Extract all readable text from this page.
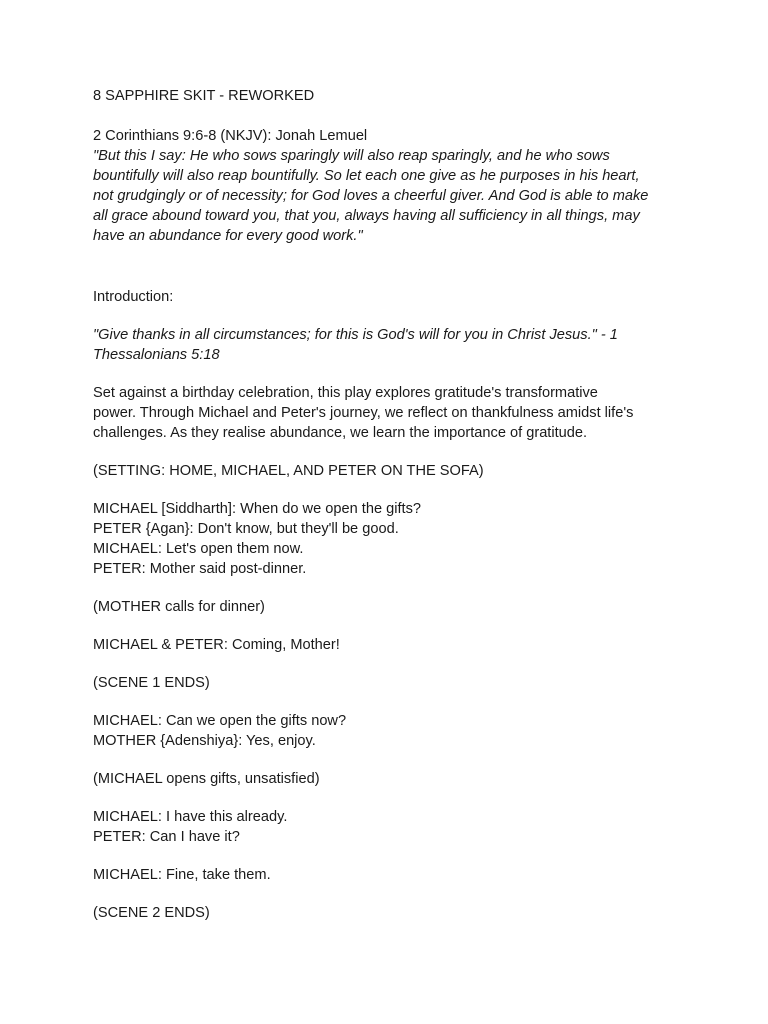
8 SAPPHIRE SKIT - REWORKED

2 Corinthians 9:6-8 (NKJV): Jonah Lemuel

"But this I say: He who sows sparingly will also reap sparingly, and he who sows

bountifully will also reap bountifully. So let each one give as he purposes in his heart,

not grudgingly or of necessity; for God loves a cheerful giver. And God is able to make

all grace abound toward you, that you, always having all sufficiency in all things, may

have an abundance for every good work."

Introduction:

"Give thanks in all circumstances; for this is God's will for you in Christ Jesus." - 1

Thessalonians 5:18

Set against a birthday celebration, this play explores gratitude's transformative

power. Through Michael and Peter's journey, we reflect on thankfulness amidst life's

challenges. As they realise abundance, we learn the importance of gratitude.

(SETTING: HOME, MICHAEL, AND PETER ON THE SOFA)

MICHAEL [Siddharth]: When do we open the gifts?

PETER {Agan}: Don't know, but they'll be good.

MICHAEL: Let's open them now.

PETER: Mother said post-dinner.

(MOTHER calls for dinner)

MICHAEL & PETER: Coming, Mother!

(SCENE 1 ENDS)

MICHAEL: Can we open the gifts now?

MOTHER {Adenshiya}: Yes, enjoy.

(MICHAEL opens gifts, unsatisfied)

MICHAEL: I have this already.

PETER: Can I have it?

MICHAEL: Fine, take them.

(SCENE 2 ENDS)
